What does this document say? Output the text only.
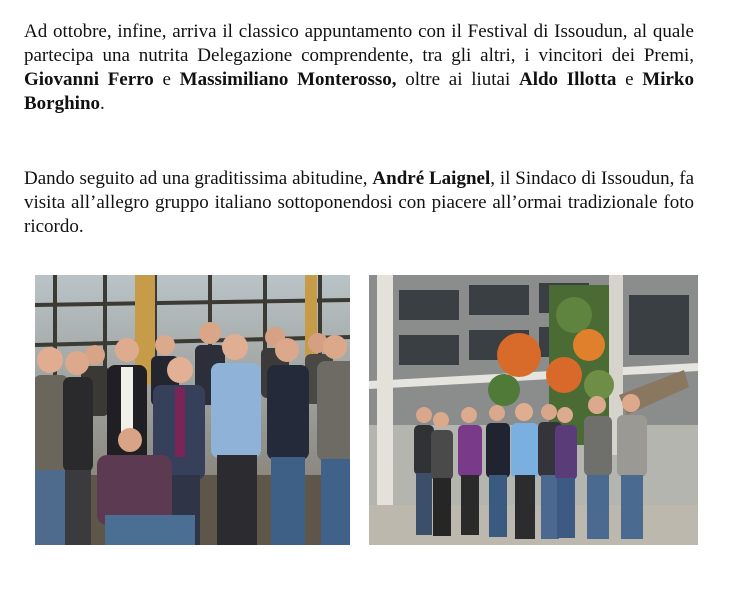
Ad ottobre, infine, arriva il classico appuntamento con il Festival di Issoudun, al quale partecipa una nutrita Delegazione comprendente, tra gli altri, i vincitori dei Premi, Giovanni Ferro e Massimiliano Monterosso, oltre ai liutai Aldo Illotta e Mirko Borghino.

Dando seguito ad una graditissima abitudine, André Laignel, il Sindaco di Issoudun, fa visita all’allegro gruppo italiano sottoponendosi con piacere all’ormai tradizionale foto ricordo.
